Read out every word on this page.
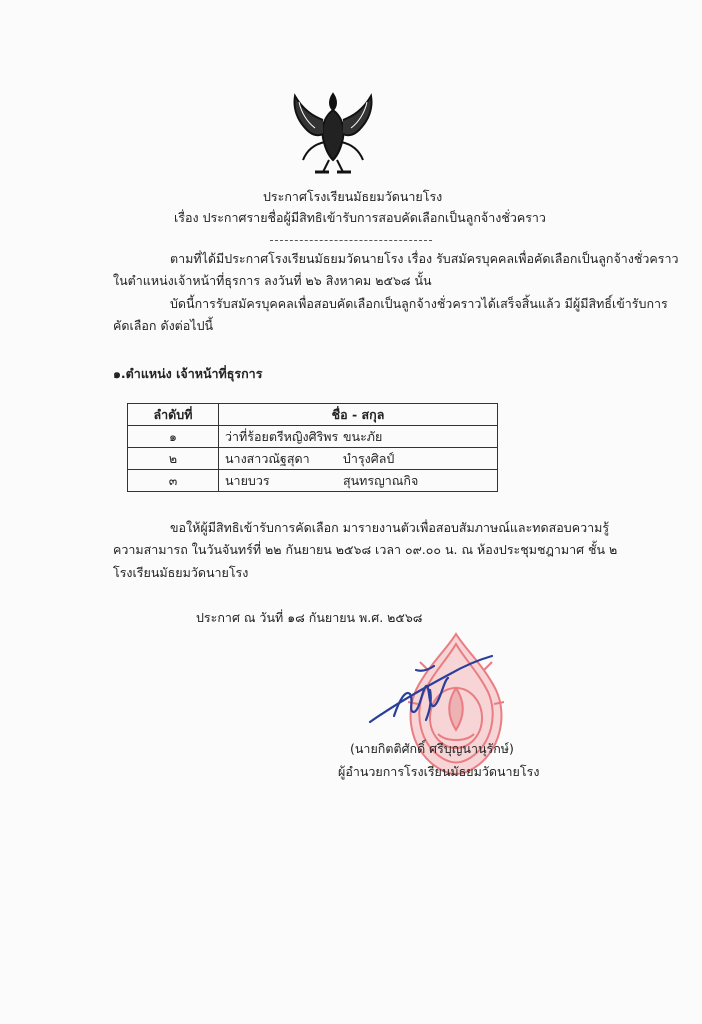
ประกาศโรงเรียนมัธยมวัดนายโรง
เรื่อง ประกาศรายชื่อผู้มีสิทธิเข้ารับการสอบคัดเลือกเป็นลูกจ้างชั่วคราว
ตามที่ได้มีประกาศโรงเรียนมัธยมวัดนายโรง เรื่อง รับสมัครบุคคลเพื่อคัดเลือกเป็นลูกจ้างชั่วคราว
ในตำแหน่งเจ้าหน้าที่ธุรการ ลงวันที่ ๒๖ สิงหาคม ๒๕๖๘ นั้น
บัดนี้การรับสมัครบุคคลเพื่อสอบคัดเลือกเป็นลูกจ้างชั่วคราวได้เสร็จสิ้นแล้ว มีผู้มีสิทธิ์เข้ารับการ
คัดเลือก ดังต่อไปนี้
๑.ตำแหน่ง เจ้าหน้าที่ธุรการ
ลำดับที่	ชื่อ - สกุล
๑	ว่าที่ร้อยตรีหญิงศิริพร ขนะภัย
๒	นางสาวณัฐสุดา บำรุงศิลป์
๓	นายบวร สุนทรญาณกิจ
ขอให้ผู้มีสิทธิเข้ารับการคัดเลือก มารายงานตัวเพื่อสอบสัมภาษณ์และทดสอบความรู้
ความสามารถ ในวันจันทร์ที่ ๒๒ กันยายน ๒๕๖๘ เวลา ๐๙.๐๐ น. ณ ห้องประชุมชฎามาศ ชั้น ๒
โรงเรียนมัธยมวัดนายโรง
ประกาศ ณ วันที่ ๑๘ กันยายน พ.ศ. ๒๕๖๘
(นายกิตติศักดิ์ ศรีบุญนานุรักษ์)
ผู้อำนวยการโรงเรียนมัธยมวัดนายโรง
